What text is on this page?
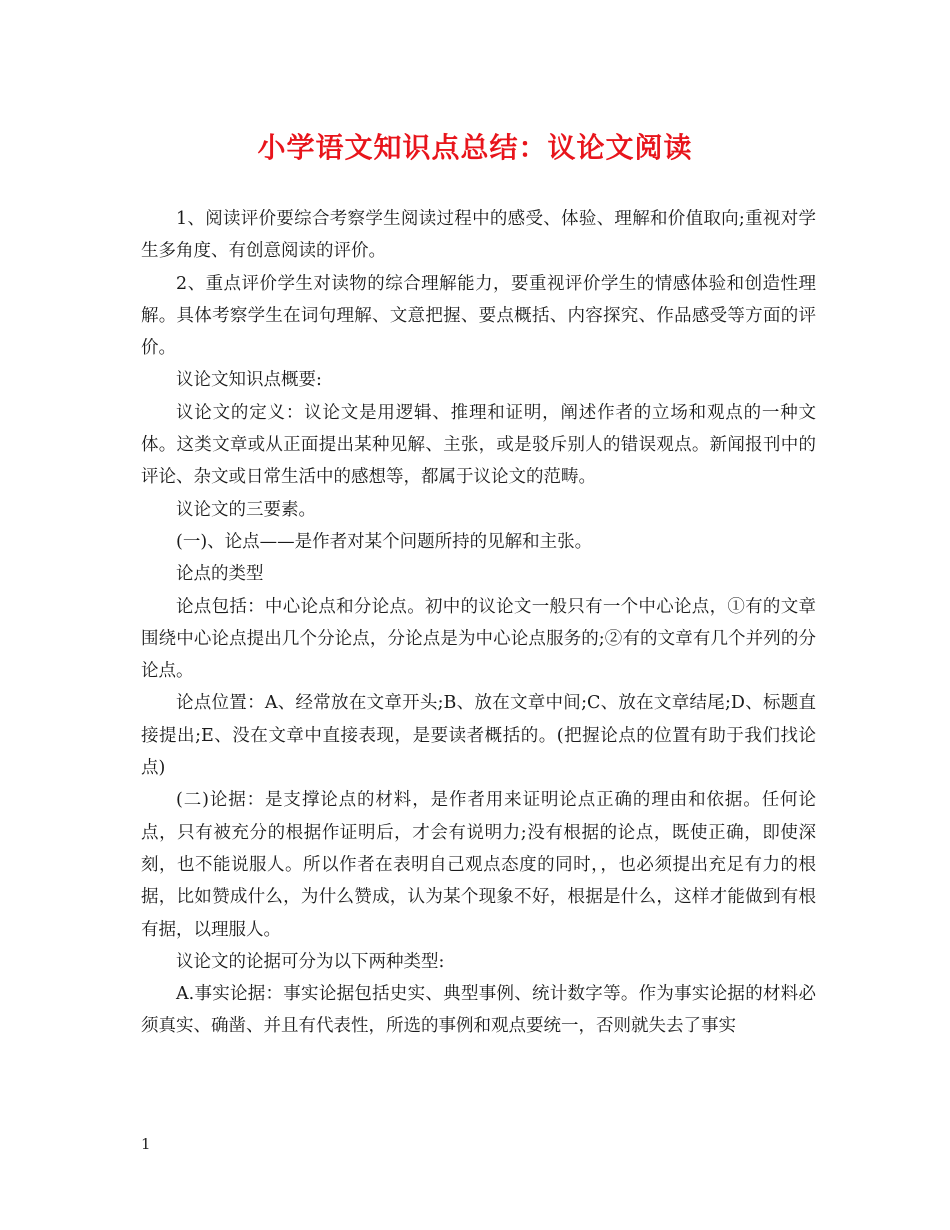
小学语文知识点总结：议论文阅读

1、阅读评价要综合考察学生阅读过程中的感受、体验、理解和价值取向;重视对学生多角度、有创意阅读的评价。

2、重点评价学生对读物的综合理解能力，要重视评价学生的情感体验和创造性理解。具体考察学生在词句理解、文意把握、要点概括、内容探究、作品感受等方面的评价。

议论文知识点概要:

议论文的定义：议论文是用逻辑、推理和证明，阐述作者的立场和观点的一种文体。这类文章或从正面提出某种见解、主张，或是驳斥别人的错误观点。新闻报刊中的评论、杂文或日常生活中的感想等，都属于议论文的范畴。

议论文的三要素。

(一)、论点——是作者对某个问题所持的见解和主张。

论点的类型

论点包括：中心论点和分论点。初中的议论文一般只有一个中心论点，①有的文章围绕中心论点提出几个分论点，分论点是为中心论点服务的;②有的文章有几个并列的分论点。

论点位置：A、经常放在文章开头;B、放在文章中间;C、放在文章结尾;D、标题直接提出;E、没在文章中直接表现，是要读者概括的。(把握论点的位置有助于我们找论点)

(二)论据：是支撑论点的材料，是作者用来证明论点正确的理由和依据。任何论点，只有被充分的根据作证明后，才会有说明力;没有根据的论点，既使正确，即使深刻，也不能说服人。所以作者在表明自己观点态度的同时，，也必须提出充足有力的根据，比如赞成什么，为什么赞成，认为某个现象不好，根据是什么，这样才能做到有根有据，以理服人。

议论文的论据可分为以下两种类型:

A.事实论据：事实论据包括史实、典型事例、统计数字等。作为事实论据的材料必须真实、确凿、并且有代表性，所选的事例和观点要统一，否则就失去了事实

1
